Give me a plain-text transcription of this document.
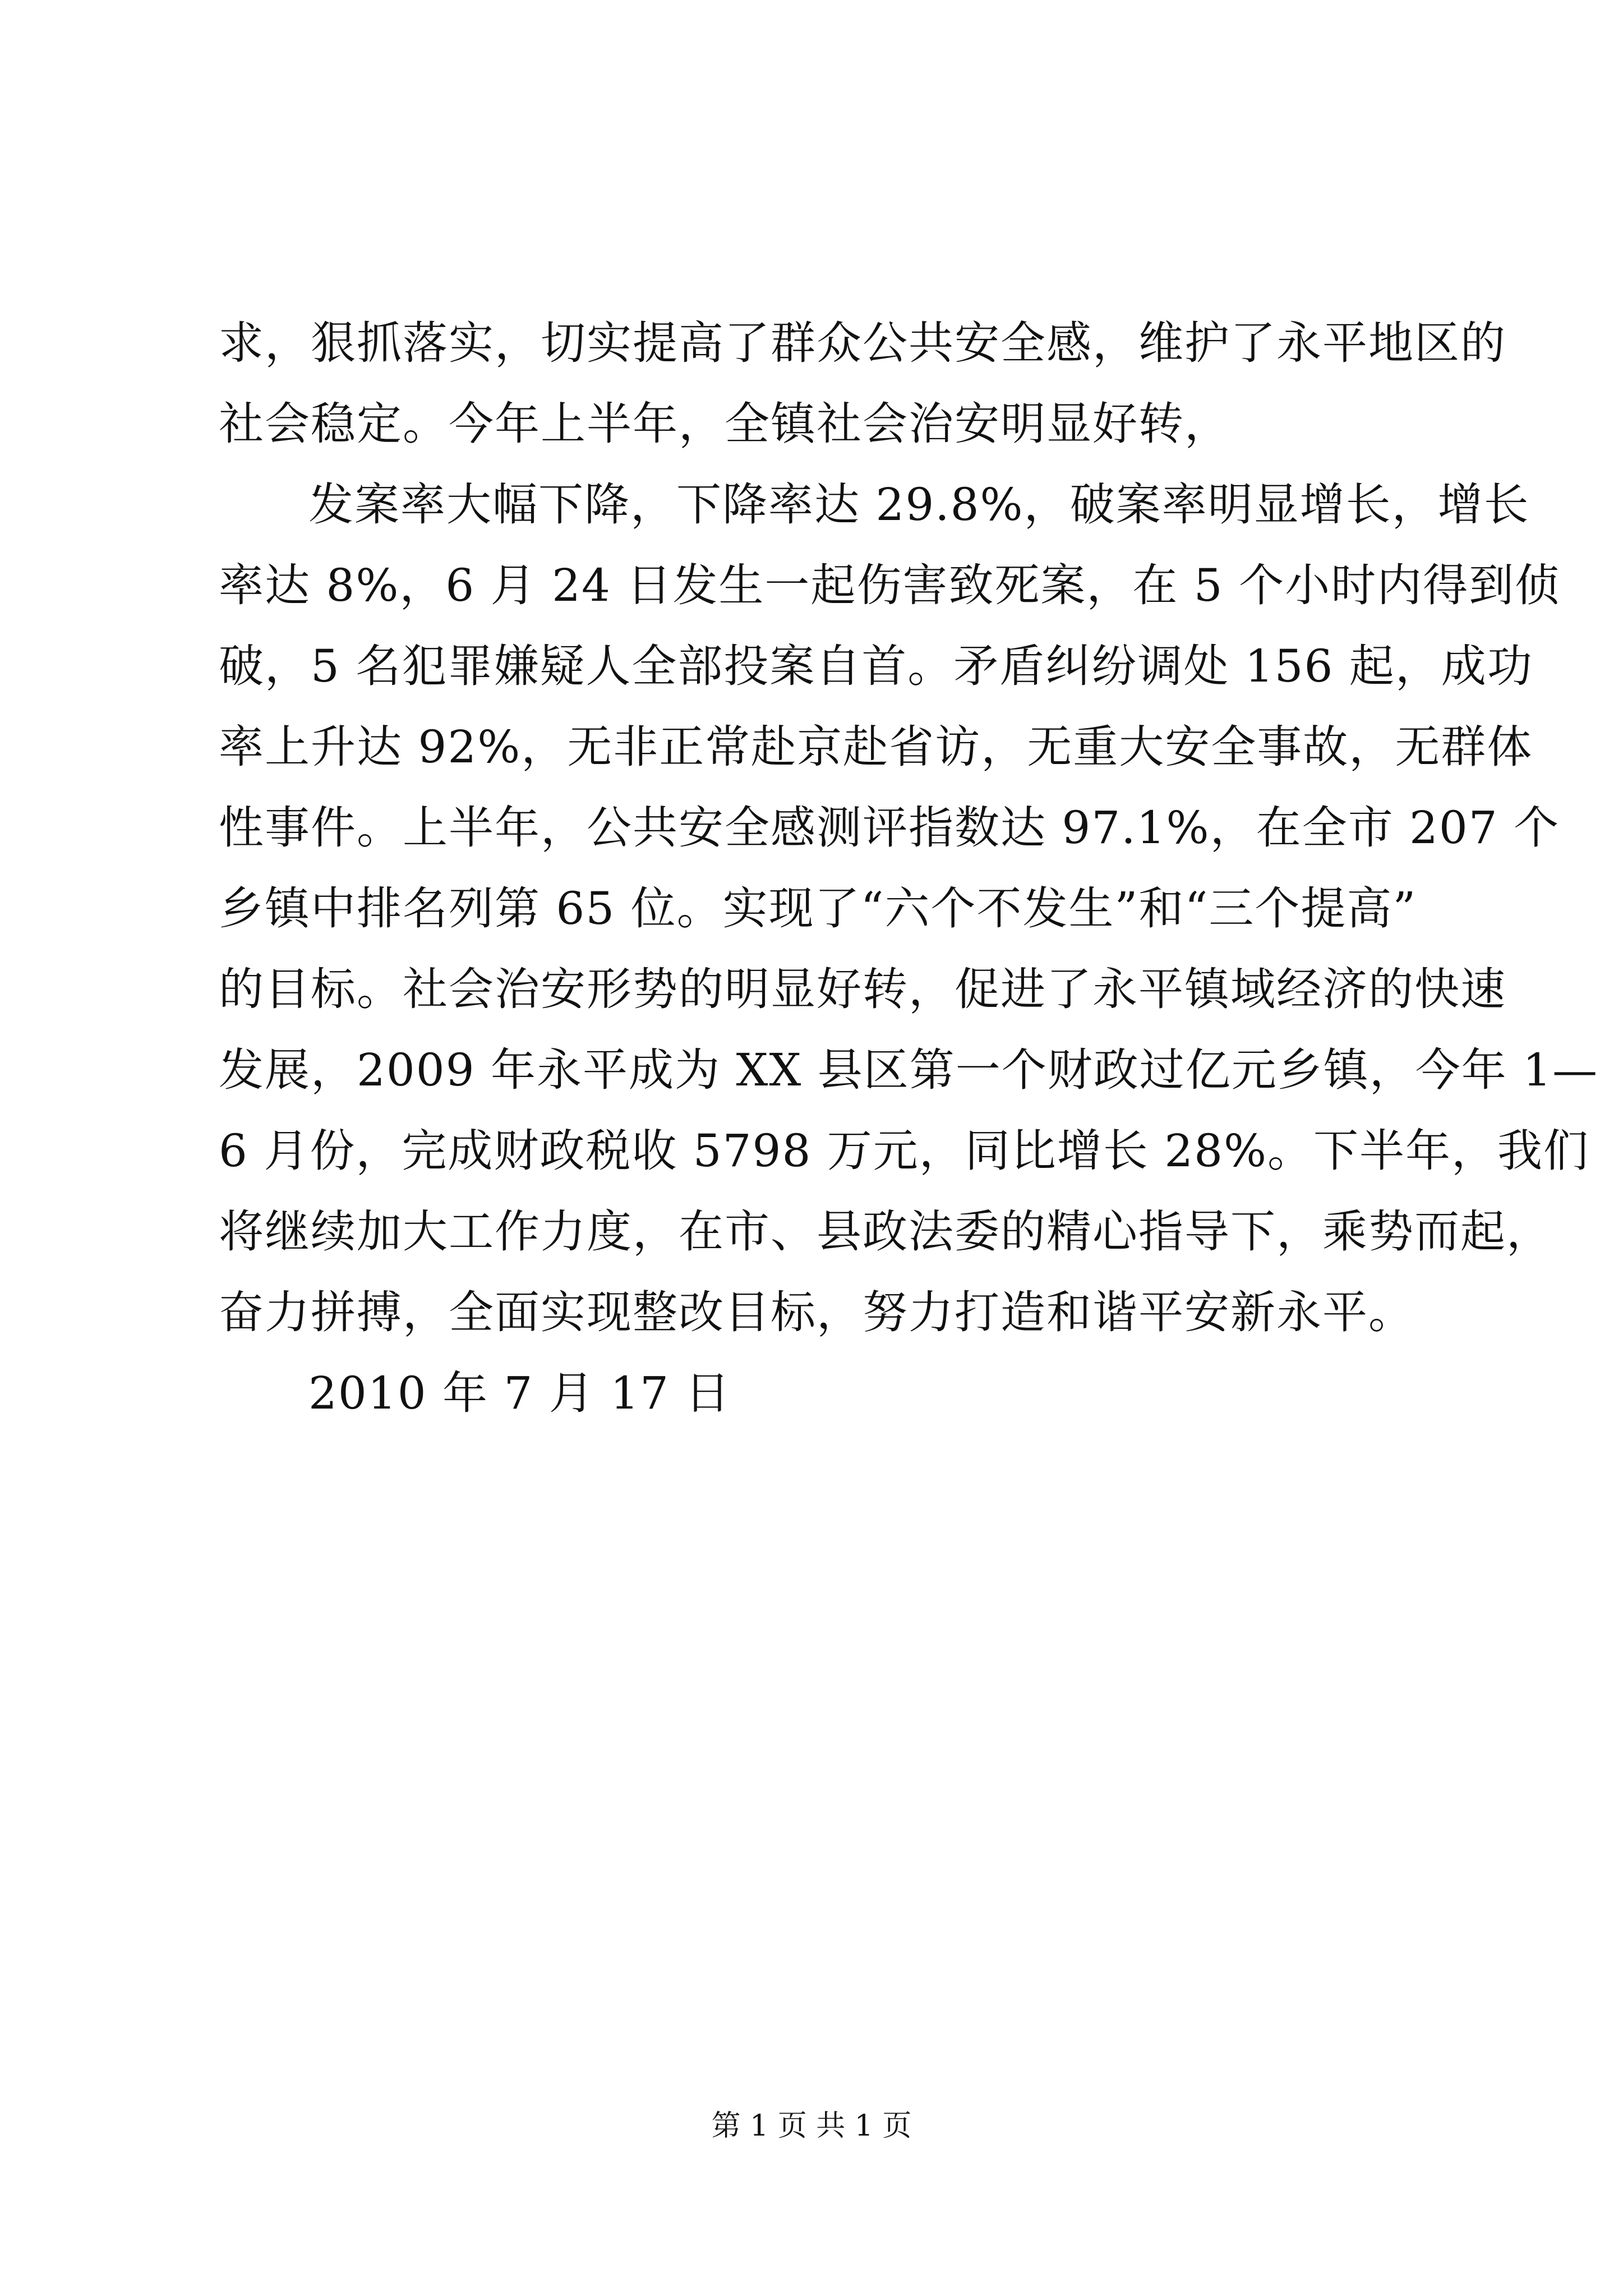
求，狠抓落实，切实提高了群众公共安全感，维护了永平地区的
社会稳定。今年上半年，全镇社会治安明显好转，
发案率大幅下降，下降率达 29.8%，破案率明显增长，增长
率达 8%，6 月 24 日发生一起伤害致死案，在 5 个小时内得到侦
破，5 名犯罪嫌疑人全部投案自首。矛盾纠纷调处 156 起，成功
率上升达 92%，无非正常赴京赴省访，无重大安全事故，无群体
性事件。上半年，公共安全感测评指数达 97.1%，在全市 207 个
乡镇中排名列第 65 位。实现了“六个不发生”和“三个提高”
的目标。社会治安形势的明显好转，促进了永平镇域经济的快速
发展，2009 年永平成为 XX 县区第一个财政过亿元乡镇，今年 1—
6 月份，完成财政税收 5798 万元，同比增长 28%。下半年，我们
将继续加大工作力度，在市、县政法委的精心指导下，乘势而起，
奋力拼搏，全面实现整改目标，努力打造和谐平安新永平。
2010 年 7 月 17 日
第 1 页 共 1 页
